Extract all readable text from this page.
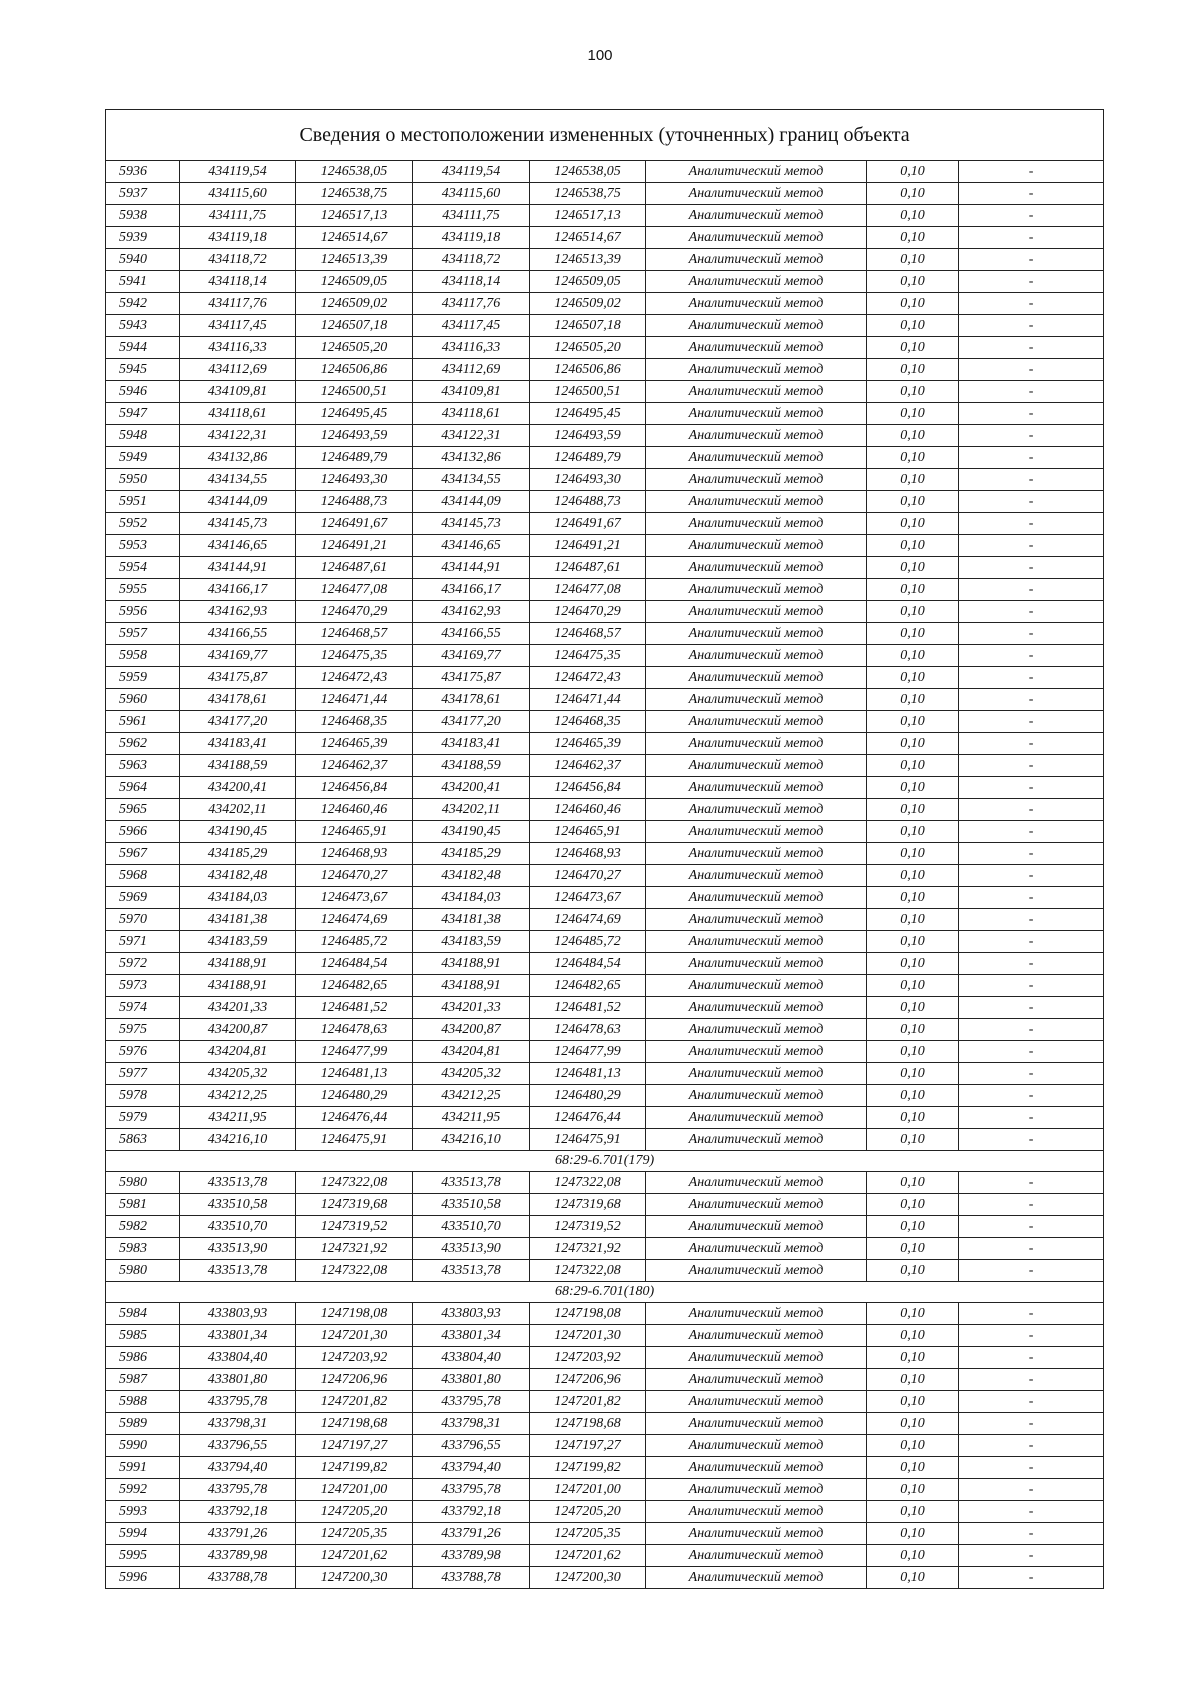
100
Сведения о местоположении измененных (уточненных) границ объекта							
5936	434119,54	1246538,05	434119,54	1246538,05	Аналитический метод	0,10	-
5937	434115,60	1246538,75	434115,60	1246538,75	Аналитический метод	0,10	-
5938	434111,75	1246517,13	434111,75	1246517,13	Аналитический метод	0,10	-
5939	434119,18	1246514,67	434119,18	1246514,67	Аналитический метод	0,10	-
5940	434118,72	1246513,39	434118,72	1246513,39	Аналитический метод	0,10	-
5941	434118,14	1246509,05	434118,14	1246509,05	Аналитический метод	0,10	-
5942	434117,76	1246509,02	434117,76	1246509,02	Аналитический метод	0,10	-
5943	434117,45	1246507,18	434117,45	1246507,18	Аналитический метод	0,10	-
5944	434116,33	1246505,20	434116,33	1246505,20	Аналитический метод	0,10	-
5945	434112,69	1246506,86	434112,69	1246506,86	Аналитический метод	0,10	-
5946	434109,81	1246500,51	434109,81	1246500,51	Аналитический метод	0,10	-
5947	434118,61	1246495,45	434118,61	1246495,45	Аналитический метод	0,10	-
5948	434122,31	1246493,59	434122,31	1246493,59	Аналитический метод	0,10	-
5949	434132,86	1246489,79	434132,86	1246489,79	Аналитический метод	0,10	-
5950	434134,55	1246493,30	434134,55	1246493,30	Аналитический метод	0,10	-
5951	434144,09	1246488,73	434144,09	1246488,73	Аналитический метод	0,10	-
5952	434145,73	1246491,67	434145,73	1246491,67	Аналитический метод	0,10	-
5953	434146,65	1246491,21	434146,65	1246491,21	Аналитический метод	0,10	-
5954	434144,91	1246487,61	434144,91	1246487,61	Аналитический метод	0,10	-
5955	434166,17	1246477,08	434166,17	1246477,08	Аналитический метод	0,10	-
5956	434162,93	1246470,29	434162,93	1246470,29	Аналитический метод	0,10	-
5957	434166,55	1246468,57	434166,55	1246468,57	Аналитический метод	0,10	-
5958	434169,77	1246475,35	434169,77	1246475,35	Аналитический метод	0,10	-
5959	434175,87	1246472,43	434175,87	1246472,43	Аналитический метод	0,10	-
5960	434178,61	1246471,44	434178,61	1246471,44	Аналитический метод	0,10	-
5961	434177,20	1246468,35	434177,20	1246468,35	Аналитический метод	0,10	-
5962	434183,41	1246465,39	434183,41	1246465,39	Аналитический метод	0,10	-
5963	434188,59	1246462,37	434188,59	1246462,37	Аналитический метод	0,10	-
5964	434200,41	1246456,84	434200,41	1246456,84	Аналитический метод	0,10	-
5965	434202,11	1246460,46	434202,11	1246460,46	Аналитический метод	0,10	-
5966	434190,45	1246465,91	434190,45	1246465,91	Аналитический метод	0,10	-
5967	434185,29	1246468,93	434185,29	1246468,93	Аналитический метод	0,10	-
5968	434182,48	1246470,27	434182,48	1246470,27	Аналитический метод	0,10	-
5969	434184,03	1246473,67	434184,03	1246473,67	Аналитический метод	0,10	-
5970	434181,38	1246474,69	434181,38	1246474,69	Аналитический метод	0,10	-
5971	434183,59	1246485,72	434183,59	1246485,72	Аналитический метод	0,10	-
5972	434188,91	1246484,54	434188,91	1246484,54	Аналитический метод	0,10	-
5973	434188,91	1246482,65	434188,91	1246482,65	Аналитический метод	0,10	-
5974	434201,33	1246481,52	434201,33	1246481,52	Аналитический метод	0,10	-
5975	434200,87	1246478,63	434200,87	1246478,63	Аналитический метод	0,10	-
5976	434204,81	1246477,99	434204,81	1246477,99	Аналитический метод	0,10	-
5977	434205,32	1246481,13	434205,32	1246481,13	Аналитический метод	0,10	-
5978	434212,25	1246480,29	434212,25	1246480,29	Аналитический метод	0,10	-
5979	434211,95	1246476,44	434211,95	1246476,44	Аналитический метод	0,10	-
5863	434216,10	1246475,91	434216,10	1246475,91	Аналитический метод	0,10	-
68:29-6.701(179)							
5980	433513,78	1247322,08	433513,78	1247322,08	Аналитический метод	0,10	-
5981	433510,58	1247319,68	433510,58	1247319,68	Аналитический метод	0,10	-
5982	433510,70	1247319,52	433510,70	1247319,52	Аналитический метод	0,10	-
5983	433513,90	1247321,92	433513,90	1247321,92	Аналитический метод	0,10	-
5980	433513,78	1247322,08	433513,78	1247322,08	Аналитический метод	0,10	-
68:29-6.701(180)							
5984	433803,93	1247198,08	433803,93	1247198,08	Аналитический метод	0,10	-
5985	433801,34	1247201,30	433801,34	1247201,30	Аналитический метод	0,10	-
5986	433804,40	1247203,92	433804,40	1247203,92	Аналитический метод	0,10	-
5987	433801,80	1247206,96	433801,80	1247206,96	Аналитический метод	0,10	-
5988	433795,78	1247201,82	433795,78	1247201,82	Аналитический метод	0,10	-
5989	433798,31	1247198,68	433798,31	1247198,68	Аналитический метод	0,10	-
5990	433796,55	1247197,27	433796,55	1247197,27	Аналитический метод	0,10	-
5991	433794,40	1247199,82	433794,40	1247199,82	Аналитический метод	0,10	-
5992	433795,78	1247201,00	433795,78	1247201,00	Аналитический метод	0,10	-
5993	433792,18	1247205,20	433792,18	1247205,20	Аналитический метод	0,10	-
5994	433791,26	1247205,35	433791,26	1247205,35	Аналитический метод	0,10	-
5995	433789,98	1247201,62	433789,98	1247201,62	Аналитический метод	0,10	-
5996	433788,78	1247200,30	433788,78	1247200,30	Аналитический метод	0,10	-
